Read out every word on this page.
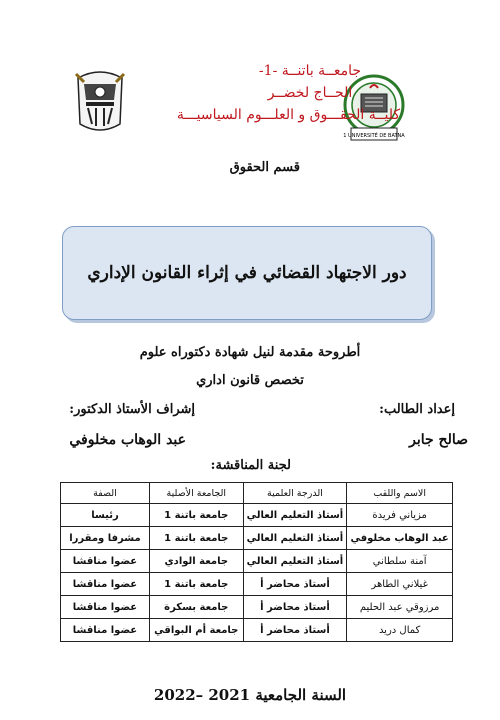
1 UNIVERSITÉ DE BATNA
جامعــة باتنــة -1-
الحــاج لخضــر
كليــة الحقـــوق و العلـــوم السياسيـــة
قسم الحقوق
دور الاجتهاد القضائي في إثراء القانون الإداري
أطروحة مقدمة لنيل شهادة دكتوراه علوم
تخصص قانون اداري
إعداد الطالب:
إشراف الأستاذ الدكتور:
صالح جابر
عبد الوهاب مخلوفي
لجنة المناقشة:
الاسم واللقب	الدرجة العلمية	الجامعة الأصلية	الصفة
مزياني فريدة	أستاذ التعليم العالي	جامعة باتنة 1	رئيسا
عبد الوهاب مخلوفي	أستاذ التعليم العالي	جامعة باتنة 1	مشرفا ومقررا
آمنة سلطاني	أستاذ التعليم العالي	جامعة الوادي	عضوا مناقشا
غيلاني الطاهر	أستاذ محاضر أ	جامعة باتنة 1	عضوا مناقشا
مرزوقي عبد الحليم	أستاذ محاضر أ	جامعة بسكرة	عضوا مناقشا
كمال دريد	أستاذ محاضر أ	جامعة أم البواقي	عضوا مناقشا
السنة الجامعية 2021 –2022
